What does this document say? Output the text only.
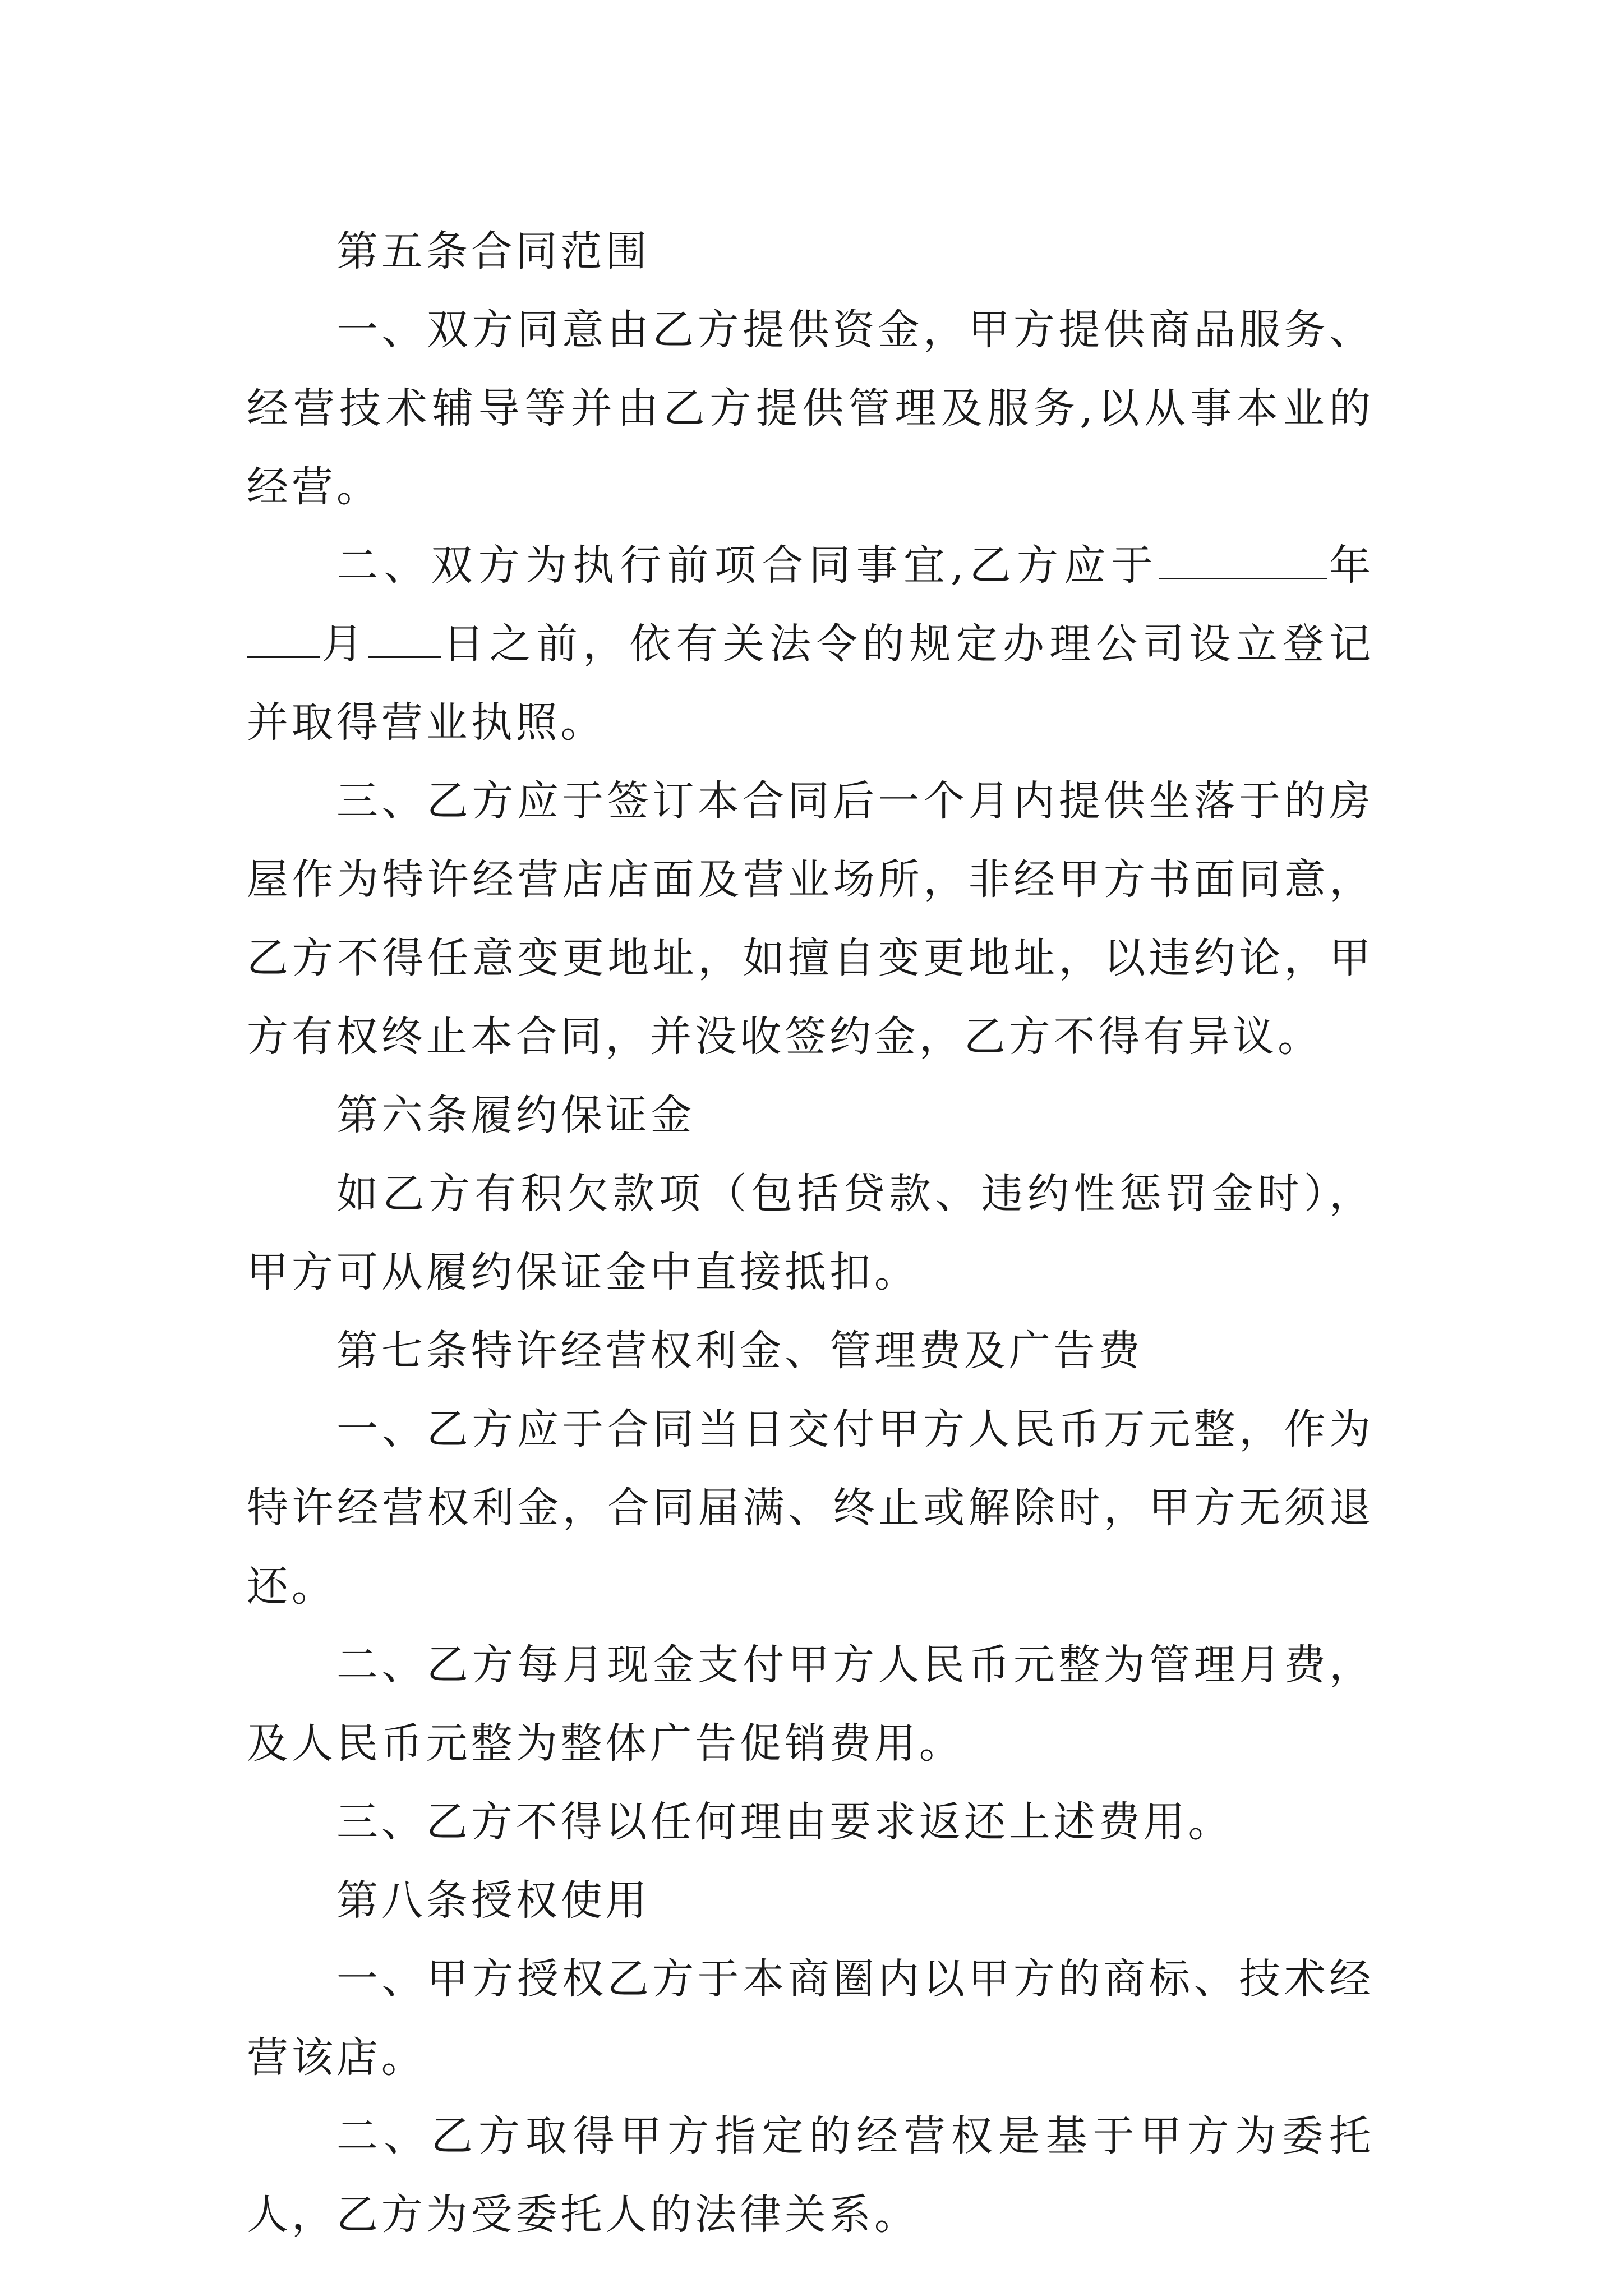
第五条合同范围

一、双方同意由乙方提供资金，甲方提供商品服务、经营技术辅导等并由乙方提供管理及服务,以从事本业的经营。

二、双方为执行前项合同事宜,乙方应于	年月 日之前，依有关法令的规定办理公司设立登记并取得营业执照。

三、乙方应于签订本合同后一个月内提供坐落于的房屋作为特许经营店店面及营业场所，非经甲方书面同意，乙方不得任意变更地址，如擅自变更地址，以违约论，甲方有权终止本合同，并没收签约金，乙方不得有异议。

第六条履约保证金

如乙方有积欠款项（包括贷款、违约性惩罚金时），甲方可从履约保证金中直接抵扣。

第七条特许经营权利金、管理费及广告费

一、乙方应于合同当日交付甲方人民币万元整，作为特许经营权利金，合同届满、终止或解除时，甲方无须退还。

二、乙方每月现金支付甲方人民币元整为管理月费，及人民币元整为整体广告促销费用。

三、乙方不得以任何理由要求返还上述费用。

第八条授权使用

一、甲方授权乙方于本商圈内以甲方的商标、技术经营该店。

二、乙方取得甲方指定的经营权是基于甲方为委托人，乙方为受委托人的法律关系。
